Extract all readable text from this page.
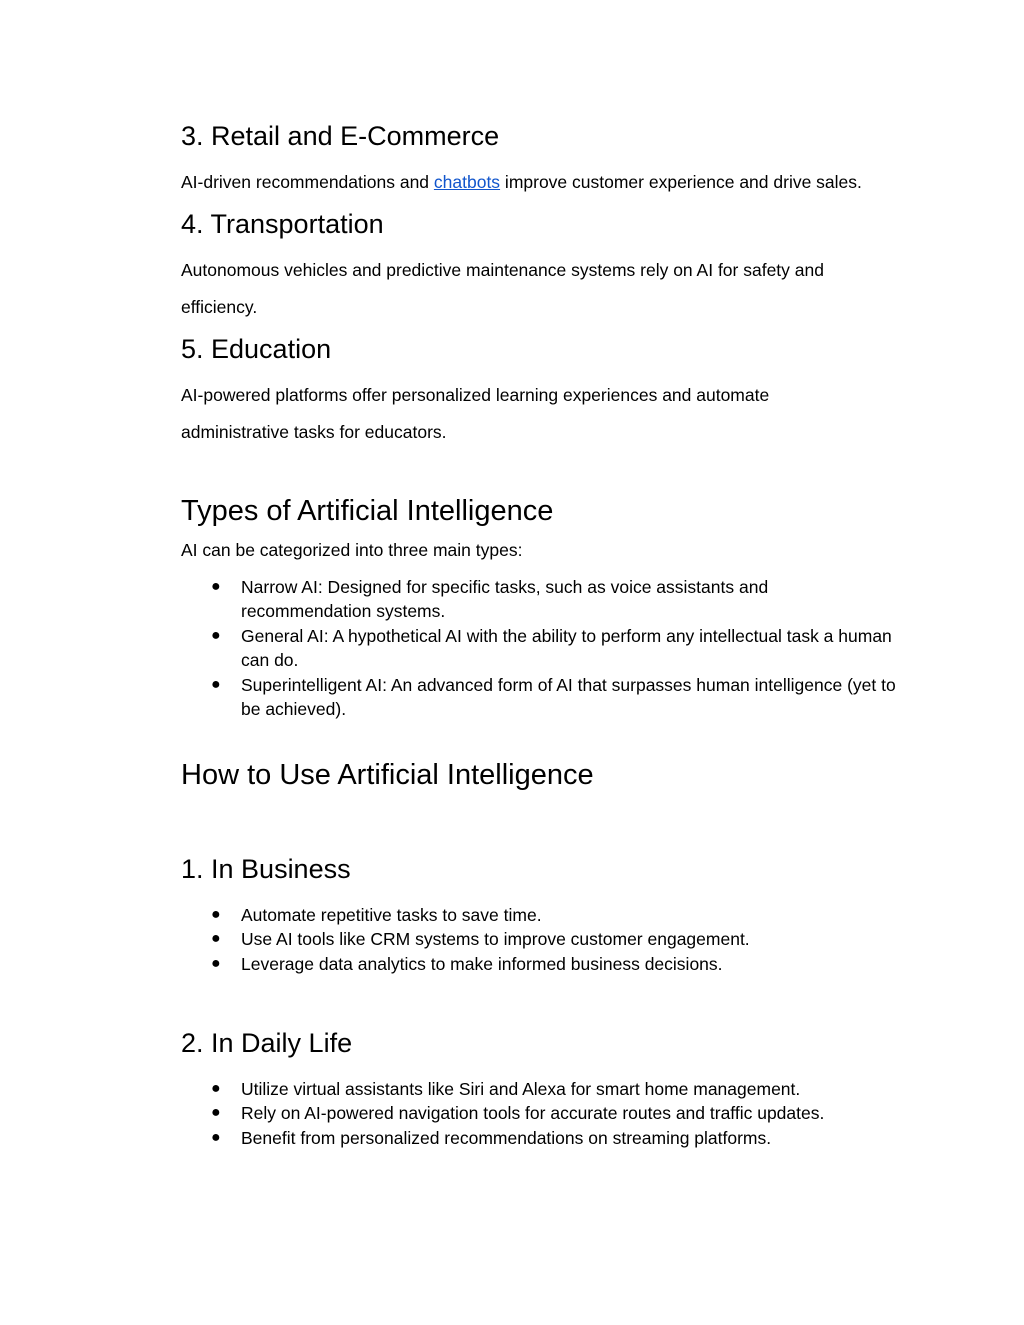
3. Retail and E-Commerce

AI-driven recommendations and chatbots improve customer experience and drive sales.

4. Transportation

Autonomous vehicles and predictive maintenance systems rely on AI for safety and

efficiency.

5. Education

AI-powered platforms offer personalized learning experiences and automate

administrative tasks for educators.

Types of Artificial Intelligence

AI can be categorized into three main types:

● Narrow AI: Designed for specific tasks, such as voice assistants and recommendation systems.
● General AI: A hypothetical AI with the ability to perform any intellectual task a human can do.
● Superintelligent AI: An advanced form of AI that surpasses human intelligence (yet to be achieved).
How to Use Artificial Intelligence
1. In Business
● Automate repetitive tasks to save time.
● Use AI tools like CRM systems to improve customer engagement.
● Leverage data analytics to make informed business decisions.
2. In Daily Life
● Utilize virtual assistants like Siri and Alexa for smart home management.
● Rely on AI-powered navigation tools for accurate routes and traffic updates.
● Benefit from personalized recommendations on streaming platforms.
